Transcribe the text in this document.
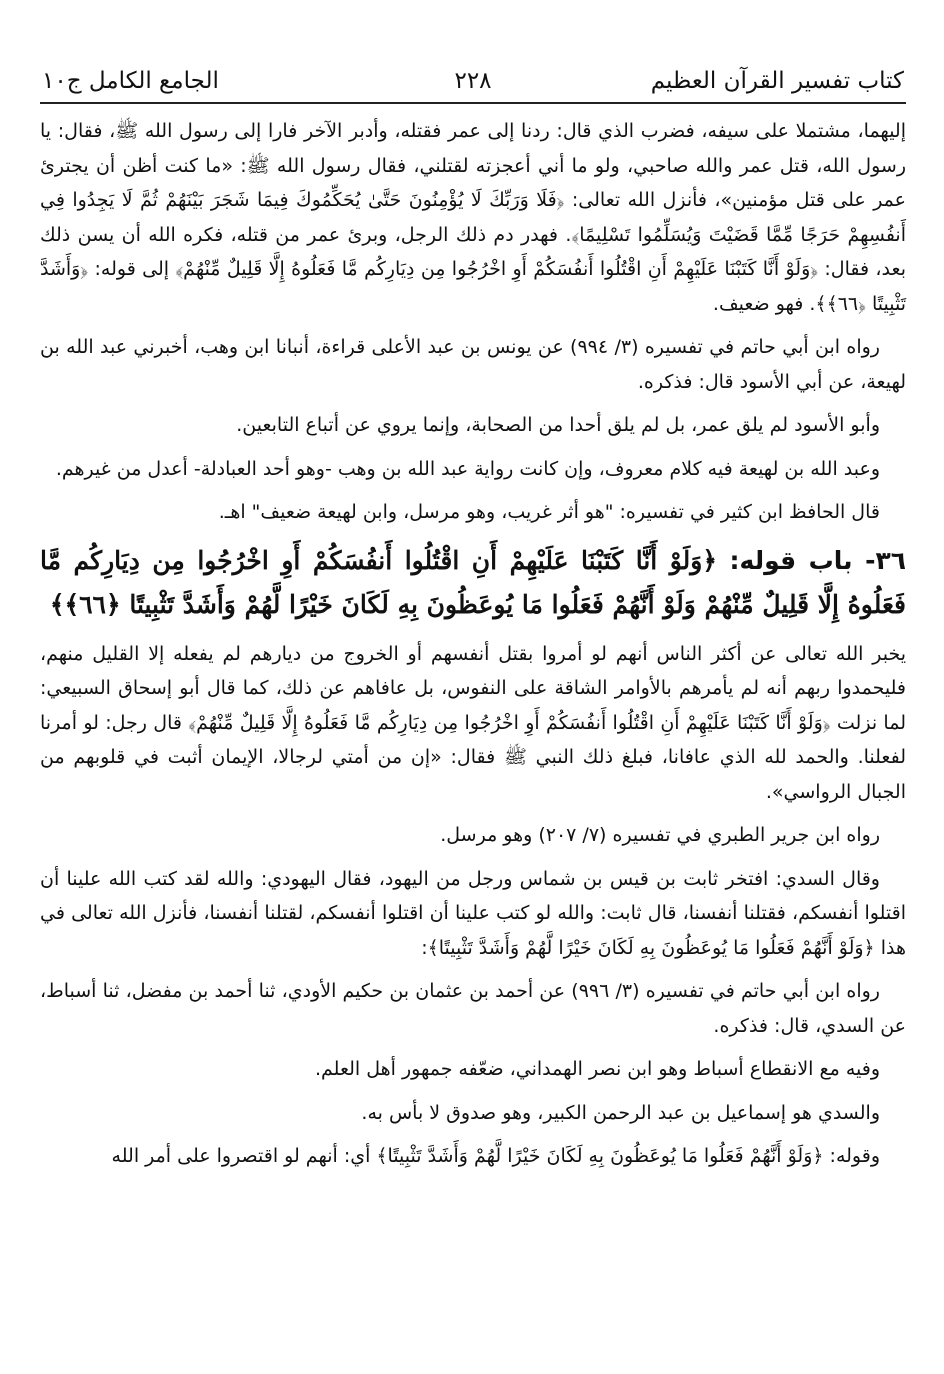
كتاب تفسير القرآن العظيم
٢٢٨
الجامع الكامل ج١٠

إليهما، مشتملا على سيفه، فضرب الذي قال: ردنا إلى عمر فقتله، وأدبر الآخر فارا إلى رسول الله ﷺ، فقال: يا رسول الله، قتل عمر والله صاحبي، ولو ما أني أعجزته لقتلني، فقال رسول الله ﷺ: «ما كنت أظن أن يجترئ عمر على قتل مؤمنين»، فأنزل الله تعالى: ﴿فَلَا وَرَبِّكَ لَا يُؤْمِنُونَ حَتَّىٰ يُحَكِّمُوكَ فِيمَا شَجَرَ بَيْنَهُمْ ثُمَّ لَا يَجِدُوا فِي أَنفُسِهِمْ حَرَجًا مِّمَّا قَضَيْتَ وَيُسَلِّمُوا تَسْلِيمًا﴾. فهدر دم ذلك الرجل، وبرئ عمر من قتله، فكره الله أن يسن ذلك بعد، فقال: ﴿وَلَوْ أَنَّا كَتَبْنَا عَلَيْهِمْ أَنِ اقْتُلُوا أَنفُسَكُمْ أَوِ اخْرُجُوا مِن دِيَارِكُم مَّا فَعَلُوهُ إِلَّا قَلِيلٌ مِّنْهُمْ﴾ إلى قوله: ﴿وَأَشَدَّ تَثْبِيتًا ﴿٦٦﴾﴾. فهو ضعيف.

رواه ابن أبي حاتم في تفسيره (٣/ ٩٩٤) عن يونس بن عبد الأعلى قراءة، أنبانا ابن وهب، أخبرني عبد الله بن لهيعة، عن أبي الأسود قال: فذكره.

وأبو الأسود لم يلق عمر، بل لم يلق أحدا من الصحابة، وإنما يروي عن أتباع التابعين.

وعبد الله بن لهيعة فيه كلام معروف، وإن كانت رواية عبد الله بن وهب -وهو أحد العبادلة- أعدل من غيرهم.

قال الحافظ ابن كثير في تفسيره: "هو أثر غريب، وهو مرسل، وابن لهيعة ضعيف" اهـ.

٣٦- باب قوله: ﴿وَلَوْ أَنَّا كَتَبْنَا عَلَيْهِمْ أَنِ اقْتُلُوا أَنفُسَكُمْ أَوِ اخْرُجُوا مِن دِيَارِكُم مَّا فَعَلُوهُ إِلَّا قَلِيلٌ مِّنْهُمْ وَلَوْ أَنَّهُمْ فَعَلُوا مَا يُوعَظُونَ بِهِ لَكَانَ خَيْرًا لَّهُمْ وَأَشَدَّ تَثْبِيتًا ﴿٦٦﴾﴾

يخبر الله تعالى عن أكثر الناس أنهم لو أمروا بقتل أنفسهم أو الخروج من ديارهم لم يفعله إلا القليل منهم، فليحمدوا ربهم أنه لم يأمرهم بالأوامر الشاقة على النفوس، بل عافاهم عن ذلك، كما قال أبو إسحاق السبيعي: لما نزلت ﴿وَلَوْ أَنَّا كَتَبْنَا عَلَيْهِمْ أَنِ اقْتُلُوا أَنفُسَكُمْ أَوِ اخْرُجُوا مِن دِيَارِكُم مَّا فَعَلُوهُ إِلَّا قَلِيلٌ مِّنْهُمْ﴾ قال رجل: لو أمرنا لفعلنا. والحمد لله الذي عافانا، فبلغ ذلك النبي ﷺ فقال: «إن من أمتي لرجالا، الإيمان أثبت في قلوبهم من الجبال الرواسي».

رواه ابن جرير الطبري في تفسيره (٧/ ٢٠٧) وهو مرسل.

وقال السدي: افتخر ثابت بن قيس بن شماس ورجل من اليهود، فقال اليهودي: والله لقد كتب الله علينا أن اقتلوا أنفسكم، فقتلنا أنفسنا، قال ثابت: والله لو كتب علينا أن اقتلوا أنفسكم، لقتلنا أنفسنا، فأنزل الله تعالى في هذا ﴿وَلَوْ أَنَّهُمْ فَعَلُوا مَا يُوعَظُونَ بِهِ لَكَانَ خَيْرًا لَّهُمْ وَأَشَدَّ تَثْبِيتًا﴾:

رواه ابن أبي حاتم في تفسيره (٣/ ٩٩٦) عن أحمد بن عثمان بن حكيم الأودي، ثنا أحمد بن مفضل، ثنا أسباط، عن السدي، قال: فذكره.

وفيه مع الانقطاع أسباط وهو ابن نصر الهمداني، ضعّفه جمهور أهل العلم.

والسدي هو إسماعيل بن عبد الرحمن الكبير، وهو صدوق لا بأس به.

وقوله: ﴿وَلَوْ أَنَّهُمْ فَعَلُوا مَا يُوعَظُونَ بِهِ لَكَانَ خَيْرًا لَّهُمْ وَأَشَدَّ تَثْبِيتًا﴾ أي: أنهم لو اقتصروا على أمر الله
